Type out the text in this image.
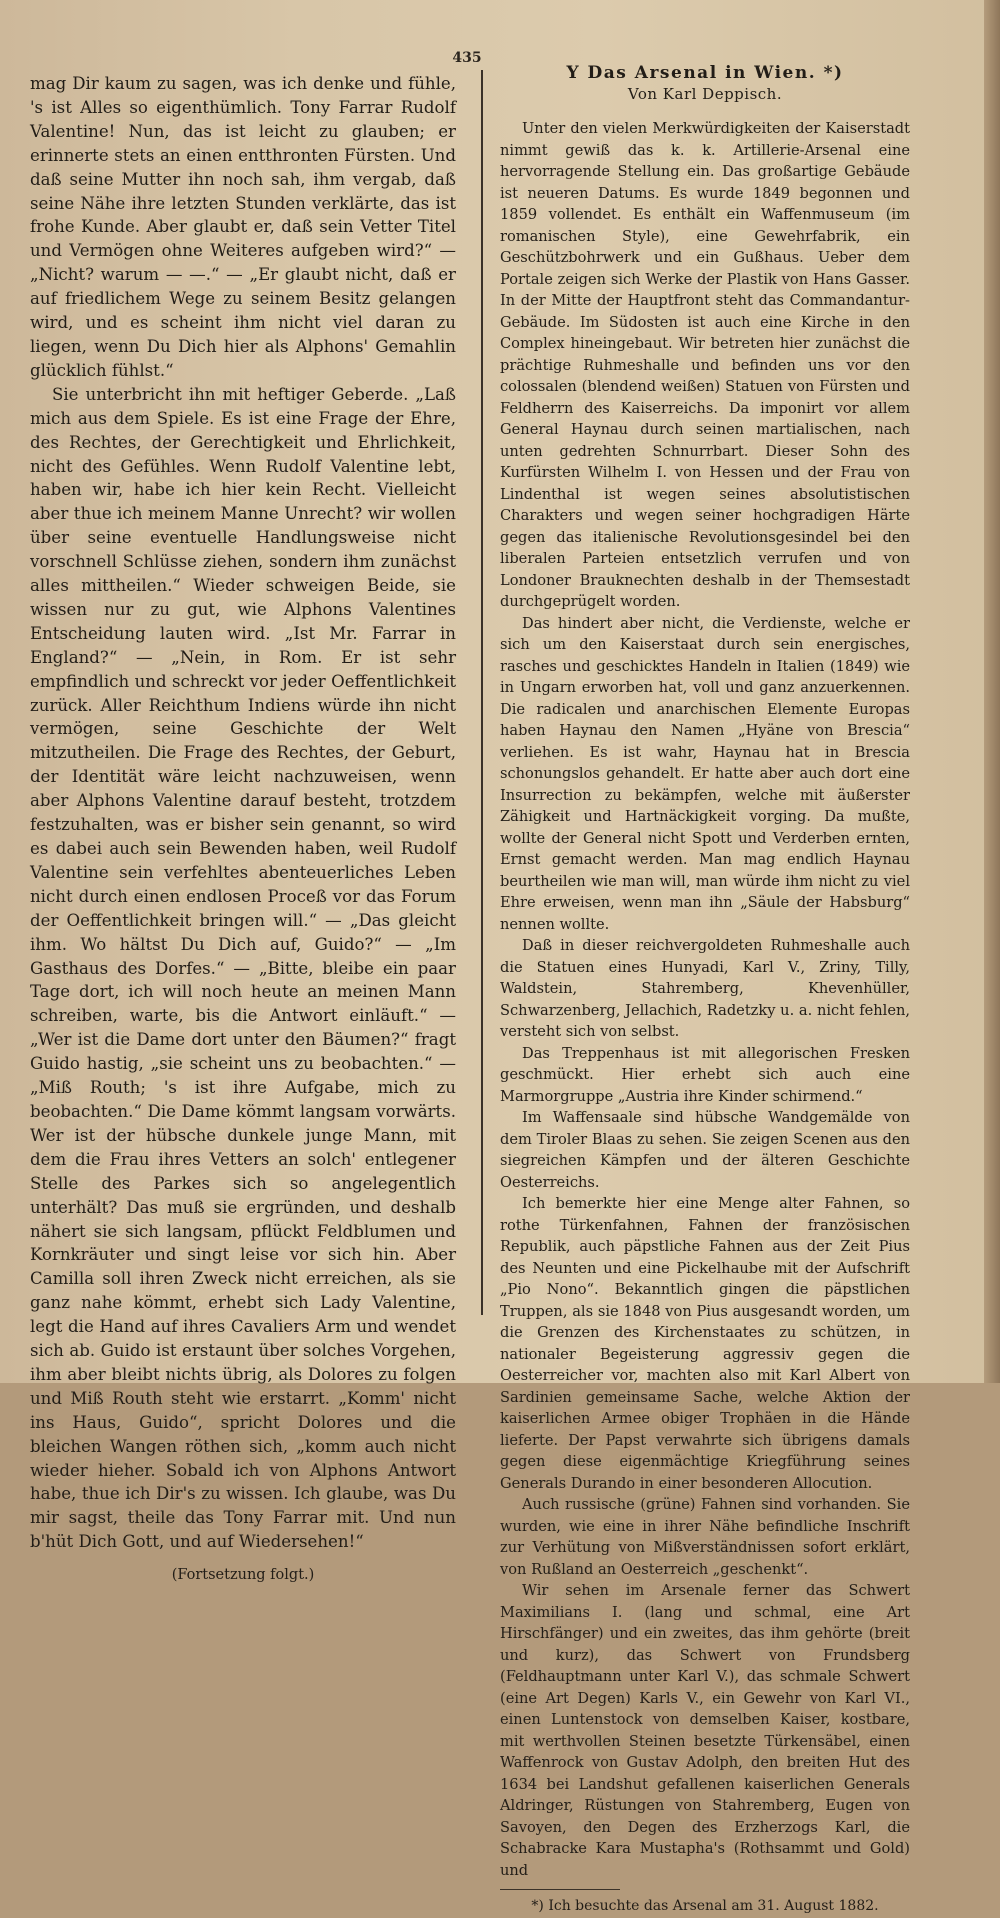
435

mag Dir kaum zu sagen, was ich denke und fühle, 's ist Alles so eigenthümlich. Tony Farrar Rudolf Valentine! Nun, das ist leicht zu glauben; er erinnerte stets an einen entthronten Fürsten. Und daß seine Mutter ihn noch sah, ihm vergab, daß seine Nähe ihre letzten Stunden verklärte, das ist frohe Kunde. Aber glaubt er, daß sein Vetter Titel und Vermögen ohne Weiteres aufgeben wird?“ — „Nicht? warum — —.“ — „Er glaubt nicht, daß er auf friedlichem Wege zu seinem Besitz gelangen wird, und es scheint ihm nicht viel daran zu liegen, wenn Du Dich hier als Alphons' Gemahlin glücklich fühlst.“

Sie unterbricht ihn mit heftiger Geberde. „Laß mich aus dem Spiele. Es ist eine Frage der Ehre, des Rechtes, der Gerechtigkeit und Ehrlichkeit, nicht des Gefühles. Wenn Rudolf Valentine lebt, haben wir, habe ich hier kein Recht. Vielleicht aber thue ich meinem Manne Unrecht? wir wollen über seine eventuelle Handlungsweise nicht vorschnell Schlüsse ziehen, sondern ihm zunächst alles mittheilen.“ Wieder schweigen Beide, sie wissen nur zu gut, wie Alphons Valentines Entscheidung lauten wird. „Ist Mr. Farrar in England?“ — „Nein, in Rom. Er ist sehr empfindlich und schreckt vor jeder Oeffentlichkeit zurück. Aller Reichthum Indiens würde ihn nicht vermögen, seine Geschichte der Welt mitzutheilen. Die Frage des Rechtes, der Geburt, der Identität wäre leicht nachzuweisen, wenn aber Alphons Valentine darauf besteht, trotzdem festzuhalten, was er bisher sein genannt, so wird es dabei auch sein Bewenden haben, weil Rudolf Valentine sein verfehltes abenteuerliches Leben nicht durch einen endlosen Proceß vor das Forum der Oeffentlichkeit bringen will.“ — „Das gleicht ihm. Wo hältst Du Dich auf, Guido?“ — „Im Gasthaus des Dorfes.“ — „Bitte, bleibe ein paar Tage dort, ich will noch heute an meinen Mann schreiben, warte, bis die Antwort einläuft.“ — „Wer ist die Dame dort unter den Bäumen?“ fragt Guido hastig, „sie scheint uns zu beobachten.“ — „Miß Routh; 's ist ihre Aufgabe, mich zu beobachten.“ Die Dame kömmt langsam vorwärts. Wer ist der hübsche dunkele junge Mann, mit dem die Frau ihres Vetters an solch' entlegener Stelle des Parkes sich so angelegentlich unterhält? Das muß sie ergründen, und deshalb nähert sie sich langsam, pflückt Feldblumen und Kornkräuter und singt leise vor sich hin. Aber Camilla soll ihren Zweck nicht erreichen, als sie ganz nahe kömmt, erhebt sich Lady Valentine, legt die Hand auf ihres Cavaliers Arm und wendet sich ab. Guido ist erstaunt über solches Vorgehen, ihm aber bleibt nichts übrig, als Dolores zu folgen und Miß Routh steht wie erstarrt. „Komm' nicht ins Haus, Guido“, spricht Dolores und die bleichen Wangen röthen sich, „komm auch nicht wieder hieher. Sobald ich von Alphons Antwort habe, thue ich Dir's zu wissen. Ich glaube, was Du mir sagst, theile das Tony Farrar mit. Und nun b'hüt Dich Gott, und auf Wiedersehen!“

(Fortsetzung folgt.)

Y Das Arsenal in Wien. *)

Von Karl Deppisch.

Unter den vielen Merkwürdigkeiten der Kaiserstadt nimmt gewiß das k. k. Artillerie-Arsenal eine hervorragende Stellung ein. Das großartige Gebäude ist neueren Datums. Es wurde 1849 begonnen und 1859 vollendet. Es enthält ein Waffenmuseum (im romanischen Style), eine Gewehrfabrik, ein Geschützbohrwerk und ein Gußhaus. Ueber dem Portale zeigen sich Werke der Plastik von Hans Gasser. In der Mitte der Hauptfront steht das Commandantur-Gebäude. Im Südosten ist auch eine Kirche in den Complex hineingebaut. Wir betreten hier zunächst die prächtige Ruhmeshalle und befinden uns vor den colossalen (blendend weißen) Statuen von Fürsten und Feldherrn des Kaiserreichs. Da imponirt vor allem General Haynau durch seinen martialischen, nach unten gedrehten Schnurrbart. Dieser Sohn des Kurfürsten Wilhelm I. von Hessen und der Frau von Lindenthal ist wegen seines absolutistischen Charakters und wegen seiner hochgradigen Härte gegen das italienische Revolutionsgesindel bei den liberalen Parteien entsetzlich verrufen und von Londoner Brauknechten deshalb in der Themsestadt durchgeprügelt worden.

Das hindert aber nicht, die Verdienste, welche er sich um den Kaiserstaat durch sein energisches, rasches und geschicktes Handeln in Italien (1849) wie in Ungarn erworben hat, voll und ganz anzuerkennen. Die radicalen und anarchischen Elemente Europas haben Haynau den Namen „Hyäne von Brescia“ verliehen. Es ist wahr, Haynau hat in Brescia schonungslos gehandelt. Er hatte aber auch dort eine Insurrection zu bekämpfen, welche mit äußerster Zähigkeit und Hartnäckigkeit vorging. Da mußte, wollte der General nicht Spott und Verderben ernten, Ernst gemacht werden. Man mag endlich Haynau beurtheilen wie man will, man würde ihm nicht zu viel Ehre erweisen, wenn man ihn „Säule der Habsburg“ nennen wollte.

Daß in dieser reichvergoldeten Ruhmeshalle auch die Statuen eines Hunyadi, Karl V., Zriny, Tilly, Waldstein, Stahremberg, Khevenhüller, Schwarzenberg, Jellachich, Radetzky u. a. nicht fehlen, versteht sich von selbst.

Das Treppenhaus ist mit allegorischen Fresken geschmückt. Hier erhebt sich auch eine Marmorgruppe „Austria ihre Kinder schirmend.“

Im Waffensaale sind hübsche Wandgemälde von dem Tiroler Blaas zu sehen. Sie zeigen Scenen aus den siegreichen Kämpfen und der älteren Geschichte Oesterreichs.

Ich bemerkte hier eine Menge alter Fahnen, so rothe Türkenfahnen, Fahnen der französischen Republik, auch päpstliche Fahnen aus der Zeit Pius des Neunten und eine Pickelhaube mit der Aufschrift „Pio Nono“. Bekanntlich gingen die päpstlichen Truppen, als sie 1848 von Pius ausgesandt worden, um die Grenzen des Kirchenstaates zu schützen, in nationaler Begeisterung aggressiv gegen die Oesterreicher vor, machten also mit Karl Albert von Sardinien gemeinsame Sache, welche Aktion der kaiserlichen Armee obiger Trophäen in die Hände lieferte. Der Papst verwahrte sich übrigens damals gegen diese eigenmächtige Kriegführung seines Generals Durando in einer besonderen Allocution.

Auch russische (grüne) Fahnen sind vorhanden. Sie wurden, wie eine in ihrer Nähe befindliche Inschrift zur Verhütung von Mißverständnissen sofort erklärt, von Rußland an Oesterreich „geschenkt“.

Wir sehen im Arsenale ferner das Schwert Maximilians I. (lang und schmal, eine Art Hirschfänger) und ein zweites, das ihm gehörte (breit und kurz), das Schwert von Frundsberg (Feldhauptmann unter Karl V.), das schmale Schwert (eine Art Degen) Karls V., ein Gewehr von Karl VI., einen Luntenstock von demselben Kaiser, kostbare, mit werthvollen Steinen besetzte Türkensäbel, einen Waffenrock von Gustav Adolph, den breiten Hut des 1634 bei Landshut gefallenen kaiserlichen Generals Aldringer, Rüstungen von Stahremberg, Eugen von Savoyen, den Degen des Erzherzogs Karl, die Schabracke Kara Mustapha's (Rothsammt und Gold) und

*) Ich besuchte das Arsenal am 31. August 1882.
